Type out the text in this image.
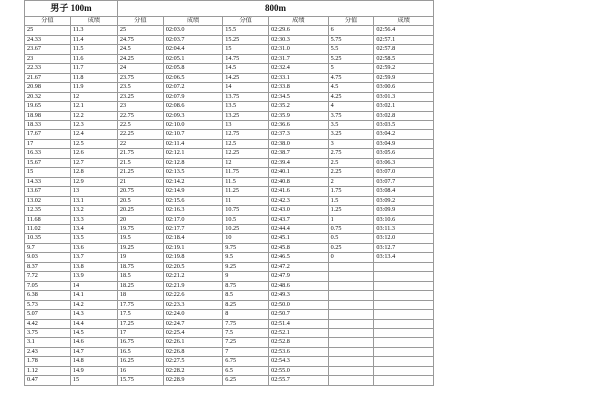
男子 100m		800m					
分值	成绩	分值	成绩	分值	成绩	分值	成绩
25	11.3	25	02:03.0	15.5	02:29.6	6	02:56.4
24.33	11.4	24.75	02:03.7	15.25	02:30.3	5.75	02:57.1
23.67	11.5	24.5	02:04.4	15	02:31.0	5.5	02:57.8
23	11.6	24.25	02:05.1	14.75	02:31.7	5.25	02:58.5
22.33	11.7	24	02:05.8	14.5	02:32.4	5	02:59.2
21.67	11.8	23.75	02:06.5	14.25	02:33.1	4.75	02:59.9
20.98	11.9	23.5	02:07.2	14	02:33.8	4.5	03:00.6
20.32	12	23.25	02:07.9	13.75	02:34.5	4.25	03:01.3
19.65	12.1	23	02:08.6	13.5	02:35.2	4	03:02.1
18.98	12.2	22.75	02:09.3	13.25	02:35.9	3.75	03:02.8
18.33	12.3	22.5	02:10.0	13	02:36.6	3.5	03:03.5
17.67	12.4	22.25	02:10.7	12.75	02:37.3	3.25	03:04.2
17	12.5	22	02:11.4	12.5	02:38.0	3	03:04.9
16.33	12.6	21.75	02:12.1	12.25	02:38.7	2.75	03:05.6
15.67	12.7	21.5	02:12.8	12	02:39.4	2.5	03:06.3
15	12.8	21.25	02:13.5	11.75	02:40.1	2.25	03:07.0
14.33	12.9	21	02:14.2	11.5	02:40.8	2	03:07.7
13.67	13	20.75	02:14.9	11.25	02:41.6	1.75	03:08.4
13.02	13.1	20.5	02:15.6	11	02:42.3	1.5	03:09.2
12.35	13.2	20.25	02:16.3	10.75	02:43.0	1.25	03:09.9
11.68	13.3	20	02:17.0	10.5	02:43.7	1	03:10.6
11.02	13.4	19.75	02:17.7	10.25	02:44.4	0.75	03:11.3
10.35	13.5	19.5	02:18.4	10	02:45.1	0.5	03:12.0
9.7	13.6	19.25	02:19.1	9.75	02:45.8	0.25	03:12.7
9.03	13.7	19	02:19.8	9.5	02:46.5	0	03:13.4
8.37	13.8	18.75	02:20.5	9.25	02:47.2		
7.72	13.9	18.5	02:21.2	9	02:47.9		
7.05	14	18.25	02:21.9	8.75	02:48.6		
6.38	14.1	18	02:22.6	8.5	02:49.3		
5.73	14.2	17.75	02:23.3	8.25	02:50.0		
5.07	14.3	17.5	02:24.0	8	02:50.7		
4.42	14.4	17.25	02:24.7	7.75	02:51.4		
3.75	14.5	17	02:25.4	7.5	02:52.1		
3.1	14.6	16.75	02:26.1	7.25	02:52.8		
2.43	14.7	16.5	02:26.8	7	02:53.6		
1.78	14.8	16.25	02:27.5	6.75	02:54.3		
1.12	14.9	16	02:28.2	6.5	02:55.0		
0.47	15	15.75	02:28.9	6.25	02:55.7		
